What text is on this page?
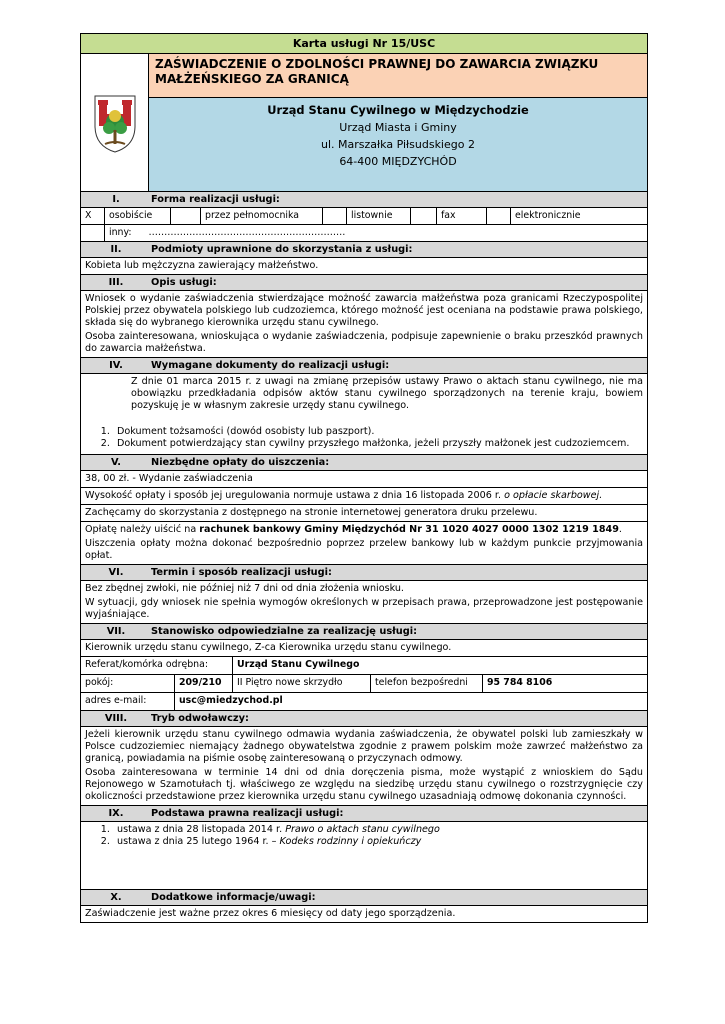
Karta usługi Nr 15/USC
ZAŚWIADCZENIE O ZDOLNOŚCI PRAWNEJ DO ZAWARCIA ZWIĄZKU MAŁŻEŃSKIEGO ZA GRANICĄ
Urząd Stanu Cywilnego w Międzychodzie
Urząd Miasta i Gminy
ul. Marszałka Piłsudskiego 2
64-400 MIĘDZYCHÓD
I.	Forma realizacji usługi:
X	osobiście	przez pełnomocnika	listownie	fax	elektronicznie
inny: ………………………………………………………
II.	Podmioty uprawnione do skorzystania z usługi:
Kobieta lub mężczyzna zawierający małżeństwo.
III.	Opis usługi:
Wniosek o wydanie zaświadczenia stwierdzające możność zawarcia małżeństwa poza granicami Rzeczypospolitej Polskiej przez obywatela polskiego lub cudzoziemca, którego możność jest oceniana na podstawie prawa polskiego, składa się do wybranego kierownika urzędu stanu cywilnego.
Osoba zainteresowana, wnioskująca o wydanie zaświadczenia, podpisuje zapewnienie o braku przeszkód prawnych do zawarcia małżeństwa.
IV.	Wymagane dokumenty do realizacji usługi:
Z dnie 01 marca 2015 r. z uwagi na zmianę przepisów ustawy Prawo o aktach stanu cywilnego, nie ma obowiązku przedkładania odpisów aktów stanu cywilnego sporządzonych na terenie kraju, bowiem pozyskuję je w własnym zakresie urzędy stanu cywilnego.
1. Dokument tożsamości (dowód osobisty lub paszport).
2. Dokument potwierdzający stan cywilny przyszłego małżonka, jeżeli przyszły małżonek jest cudzoziemcem.
V.	Niezbędne opłaty do uiszczenia:
38, 00 zł. - Wydanie zaświadczenia
Wysokość opłaty i sposób jej uregulowania normuje ustawa z dnia 16 listopada 2006 r. o opłacie skarbowej.
Zachęcamy do skorzystania z dostępnego na stronie internetowej generatora druku przelewu.
Opłatę należy uiścić na rachunek bankowy Gminy Międzychód Nr 31 1020 4027 0000 1302 1219 1849.
Uiszczenia opłaty można dokonać bezpośrednio poprzez przelew bankowy lub w każdym punkcie przyjmowania opłat.
VI.	Termin i sposób realizacji usługi:
Bez zbędnej zwłoki, nie później niż 7 dni od dnia złożenia wniosku.
W sytuacji, gdy wniosek nie spełnia wymogów określonych w przepisach prawa, przeprowadzone jest postępowanie wyjaśniające.
VII.	Stanowisko odpowiedzialne za realizację usługi:
Kierownik urzędu stanu cywilnego, Z-ca Kierownika urzędu stanu cywilnego.
Referat/komórka odrębna:	Urząd Stanu Cywilnego
pokój:	209/210	II Piętro nowe skrzydło	telefon bezpośredni	95 784 8106
adres e-mail:	usc@miedzychod.pl
VIII.	Tryb odwoławczy:
Jeżeli kierownik urzędu stanu cywilnego odmawia wydania zaświadczenia, że obywatel polski lub zamieszkały w Polsce cudzoziemiec niemający żadnego obywatelstwa zgodnie z prawem polskim może zawrzeć małżeństwo za granicą, powiadamia na piśmie osobę zainteresowaną o przyczynach odmowy.
Osoba zainteresowana w terminie 14 dni od dnia doręczenia pisma, może wystąpić z wnioskiem do Sądu Rejonowego w Szamotułach tj. właściwego ze względu na siedzibę urzędu stanu cywilnego o rozstrzygnięcie czy okoliczności przedstawione przez kierownika urzędu stanu cywilnego uzasadniają odmowę dokonania czynności.
IX.	Podstawa prawna realizacji usługi:
1. ustawa z dnia 28 listopada 2014 r. Prawo o aktach stanu cywilnego
2. ustawa z dnia 25 lutego 1964 r. – Kodeks rodzinny i opiekuńczy
X.	Dodatkowe informacje/uwagi:
Zaświadczenie jest ważne przez okres 6 miesięcy od daty jego sporządzenia.
